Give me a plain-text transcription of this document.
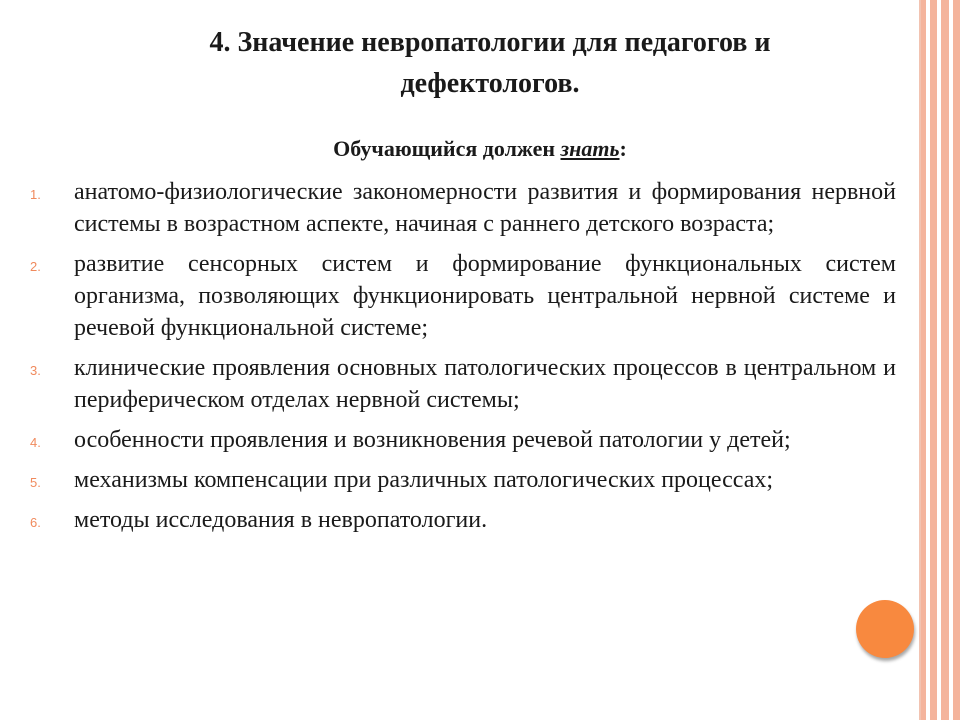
4. Значение невропатологии для педагогов и
дефектологов.
Обучающийся должен знать:
1. анатомо-физиологические закономерности развития и формирования нервной системы в возрастном аспекте, начиная с раннего детского возраста;
2. развитие сенсорных систем и формирование функциональных систем организма, позволяющих функционировать центральной нервной системе и речевой функциональной системе;
3. клинические проявления основных патологических процессов в центральном и периферическом отделах нервной системы;
4. особенности проявления и возникновения речевой патологии у детей;
5. механизмы компенсации при различных патологических процессах;
6. методы исследования в невропатологии.
